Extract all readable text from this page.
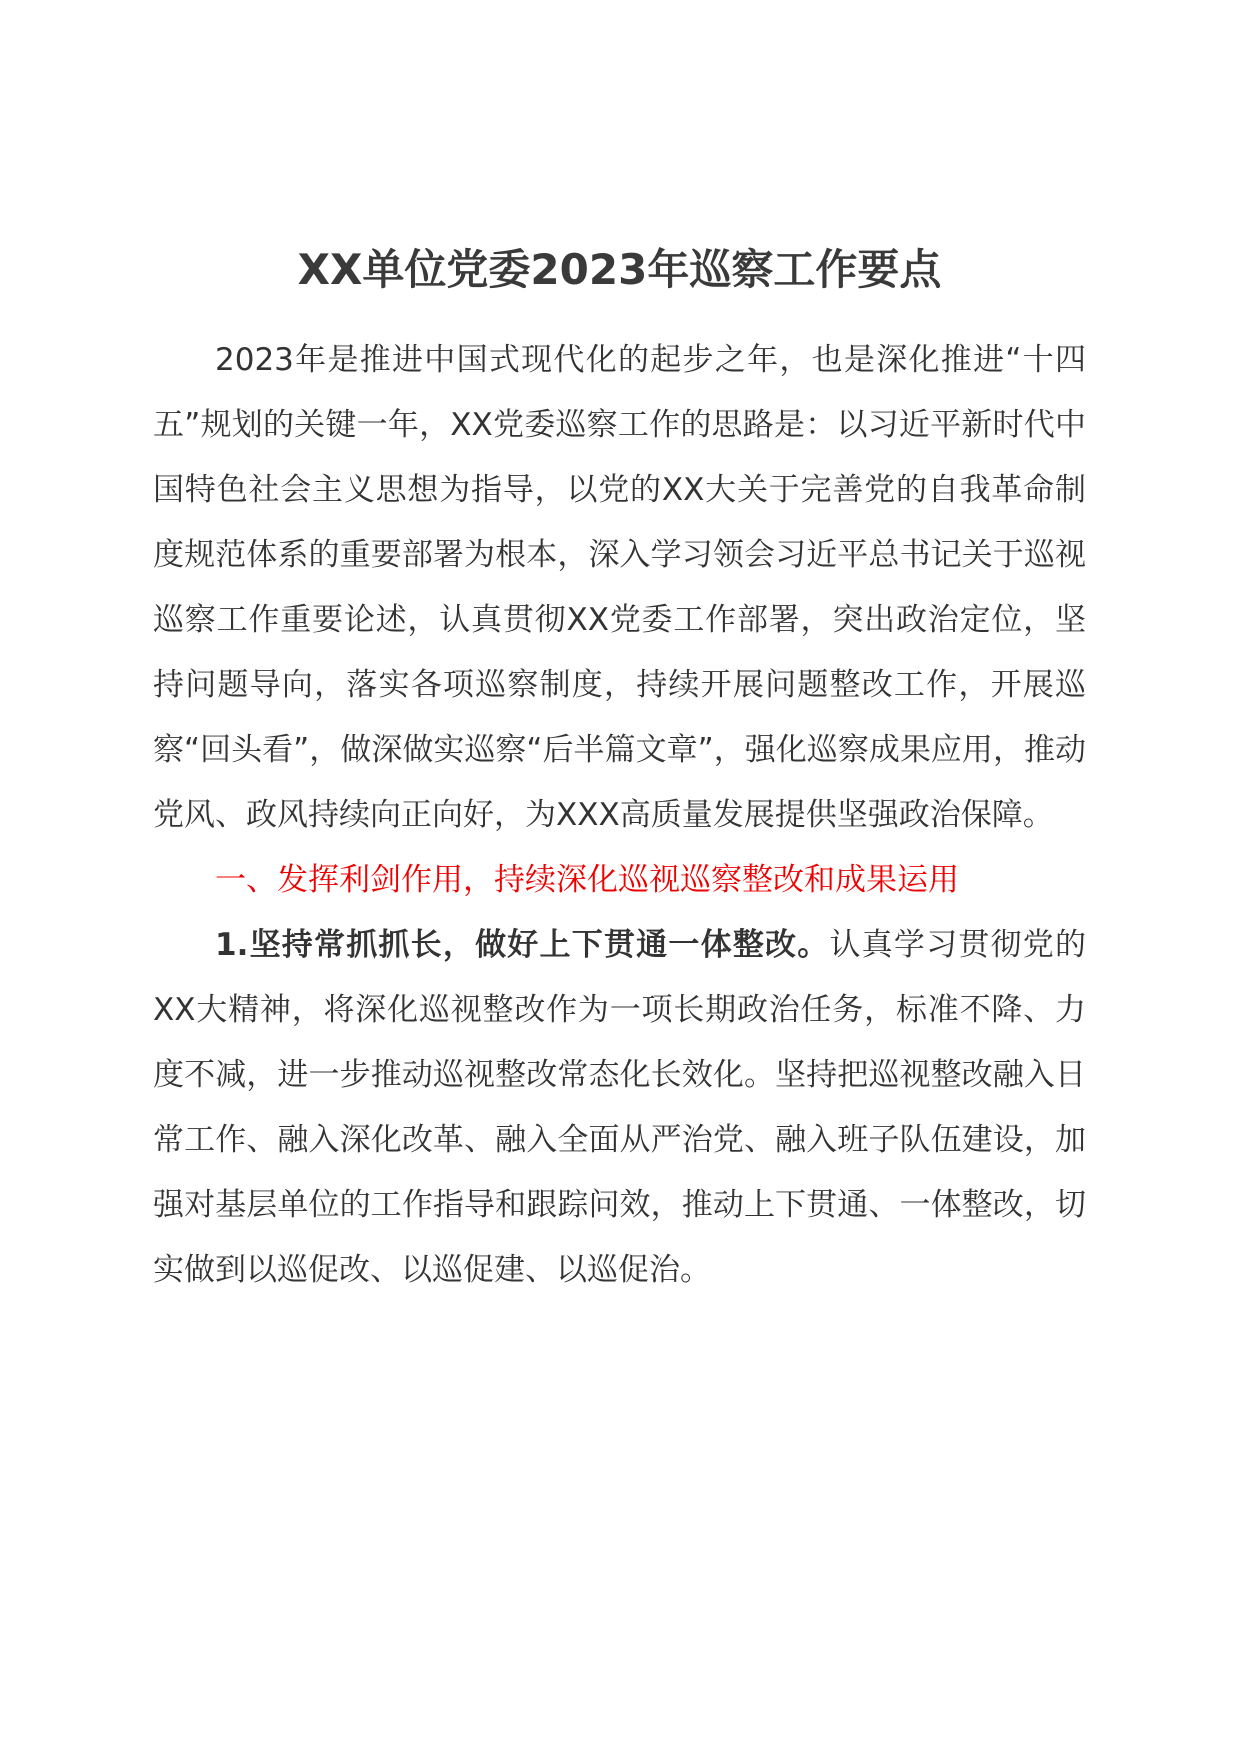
XX单位党委2023年巡察工作要点

2023年是推进中国式现代化的起步之年，也是深化推进“十四五”规划的关键一年，XX党委巡察工作的思路是：以习近平新时代中国特色社会主义思想为指导，以党的XX大关于完善党的自我革命制度规范体系的重要部署为根本，深入学习领会习近平总书记关于巡视巡察工作重要论述，认真贯彻XX党委工作部署，突出政治定位，坚持问题导向，落实各项巡察制度，持续开展问题整改工作，开展巡察“回头看”，做深做实巡察“后半篇文章”，强化巡察成果应用，推动党风、政风持续向正向好，为XXX高质量发展提供坚强政治保障。

一、发挥利剑作用，持续深化巡视巡察整改和成果运用

1.坚持常抓抓长，做好上下贯通一体整改。认真学习贯彻党的XX大精神，将深化巡视整改作为一项长期政治任务，标准不降、力度不减，进一步推动巡视整改常态化长效化。坚持把巡视整改融入日常工作、融入深化改革、融入全面从严治党、融入班子队伍建设，加强对基层单位的工作指导和跟踪问效，推动上下贯通、一体整改，切实做到以巡促改、以巡促建、以巡促治。
